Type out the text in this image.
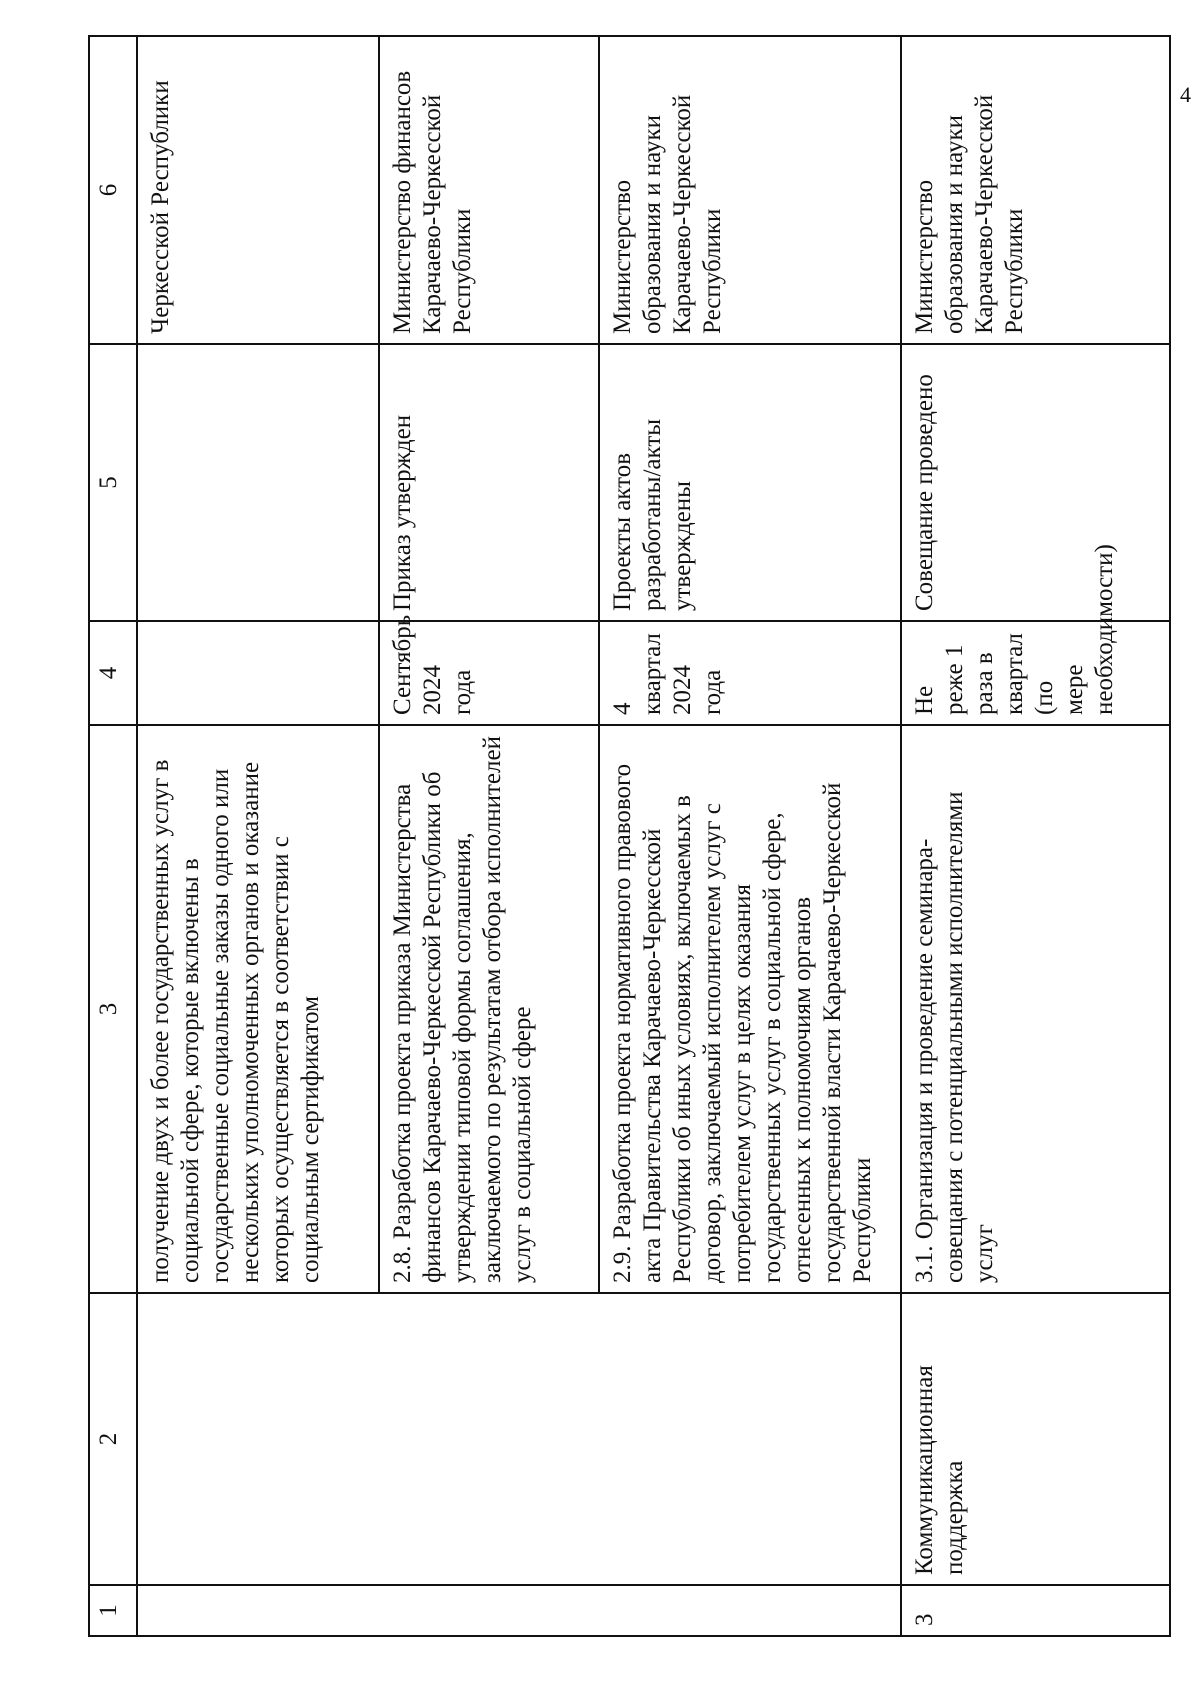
4
1	2	3	4	5	6
		получение двух и более государственных услуг в социальной сфере, которые включены в государственные социальные заказы одного или нескольких уполномоченных органов и оказание которых осуществляется в соответствии с социальным сертификатом			Черкесской Республики
		2.8. Разработка проекта приказа Министерства финансов Карачаево-Черкесской Республики об утверждении типовой формы соглашения, заключаемого по результатам отбора исполнителей услуг в социальной сфере	Сентябрь 2024 года	Приказ утвержден	Министерство финансов Карачаево-Черкесской Республики
		2.9. Разработка проекта нормативного правового акта Правительства Карачаево-Черкесской Республики об иных условиях, включаемых в договор, заключаемый исполнителем услуг с потребителем услуг в целях оказания государственных услуг в социальной сфере, отнесенных к полномочиям органов государственной власти Карачаево-Черкесской Республики	4 квартал 2024 года	Проекты актов разработаны/акты утверждены	Министерство образования и науки Карачаево-Черкесской Республики
3	Коммуникационная поддержка	3.1. Организация и проведение семинара-совещания с потенциальными исполнителями услуг	Не реже 1 раза в квартал (по мере необходимости)	Совещание проведено	Министерство образования и науки Карачаево-Черкесской Республики
